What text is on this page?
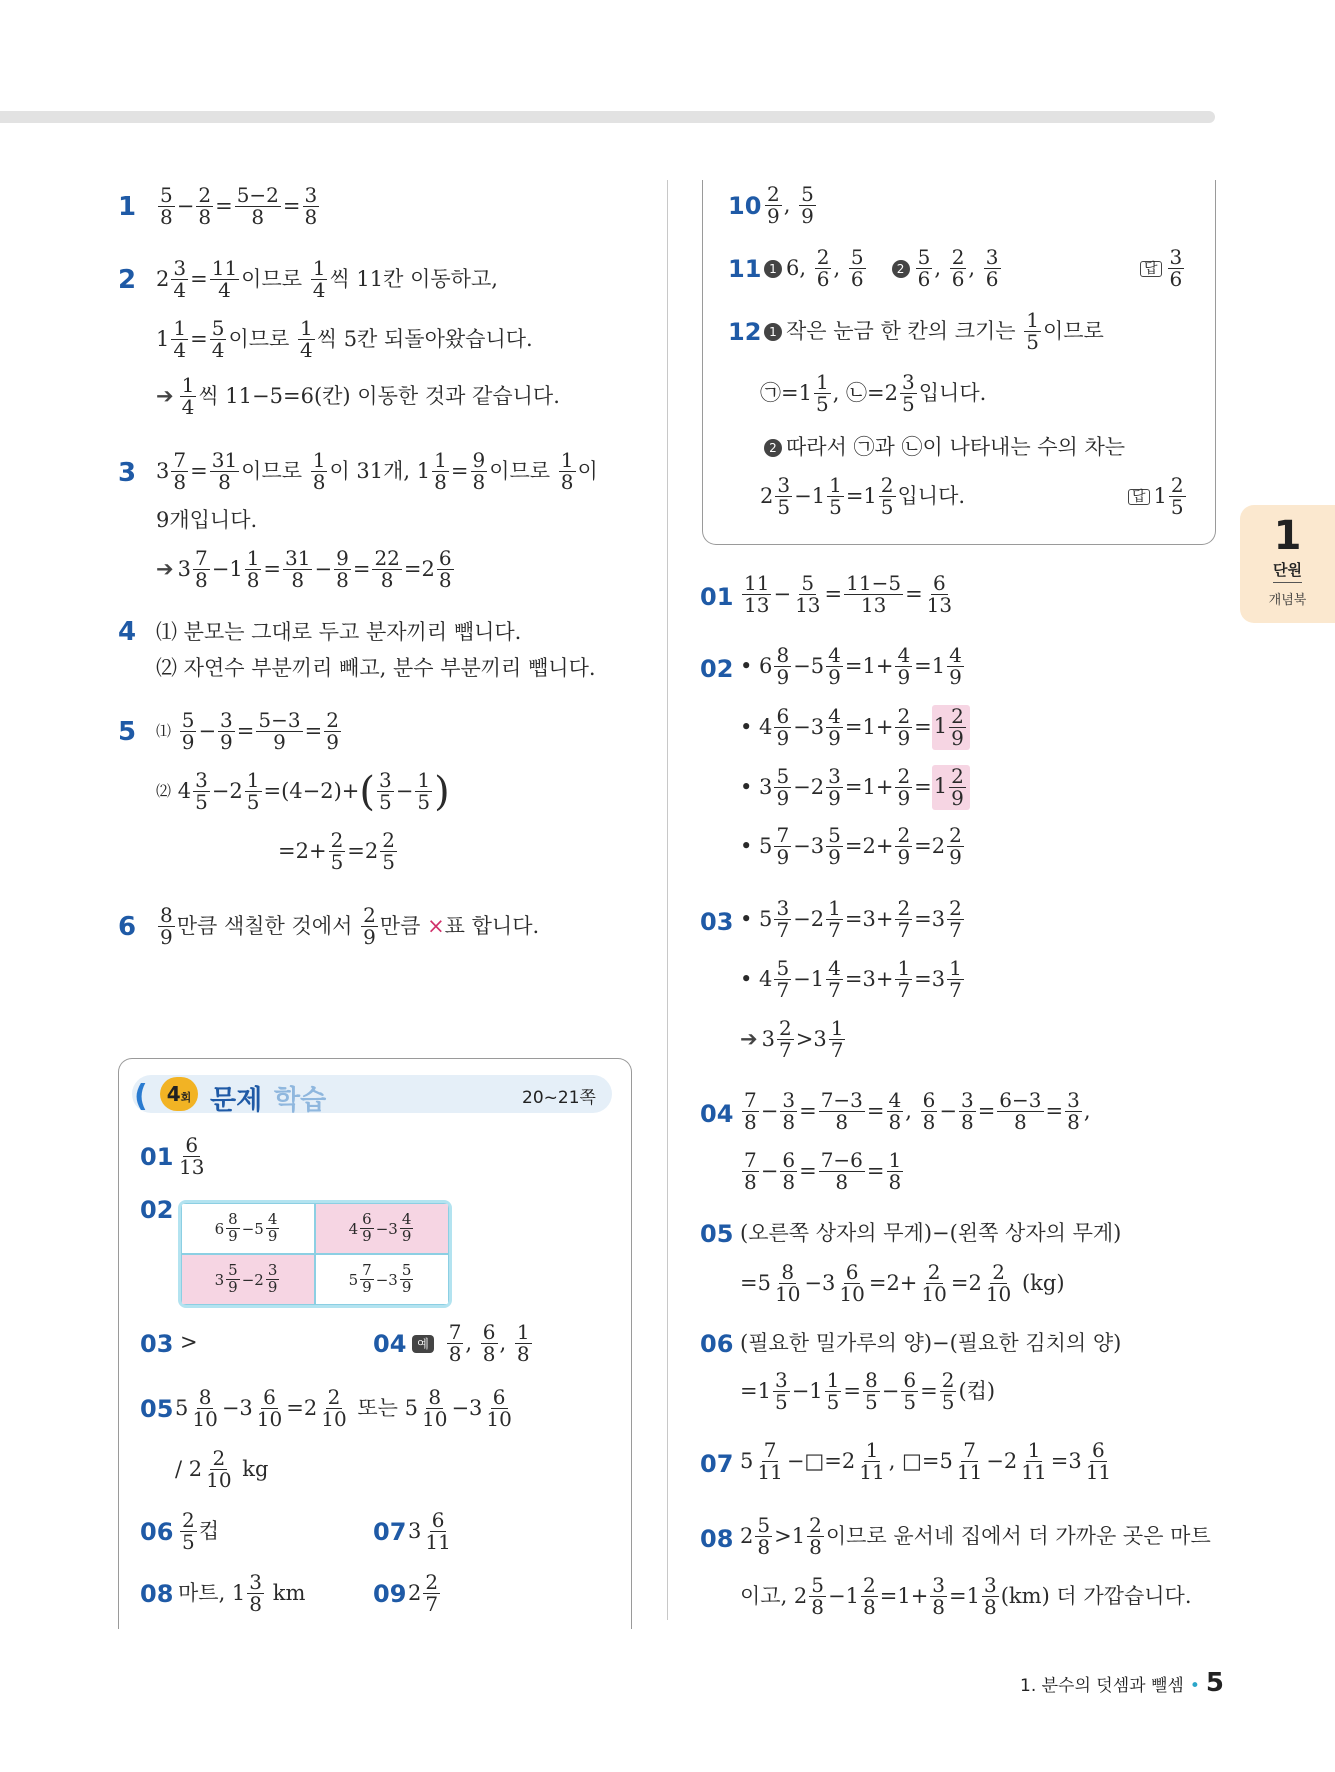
$1 \frac{5}{8} - \frac{2}{8} = \frac{5-2}{8} = \frac{3}{8}$
2 $2 \frac{3}{4} = \frac{11}{4}$ 이므로
$\frac{1}{4}$ 씩 11칸 이동하고,
$1 \frac{1}{4} = \frac{5}{4}$ 이므로
$\frac{1}{4}$ 씩 5칸 되돌아왔습니다.
➔ $\frac{1}{4}$ 씩 11−5=6(칸) 이동한 것과 같습니다.
3 $3 \frac{7}{8} = \frac{31}{8}$ 이므로
$\frac{1}{8}$ 이 31개, $1 \frac{1}{8} = \frac{9}{8}$ 이므로
$\frac{1}{8}$ 이
9개입니다.
➔ $3 \frac{7}{8} -1 \frac{1}{8} = \frac{31}{8} - \frac{9}{8} = \frac{22}{8} =2 \frac{6}{8}$
4 ⑴ 분모는 그대로 두고 분자끼리 뺍니다.
⑵ 자연수 부분끼리 빼고, 분수 부분끼리 뺍니다.
5 ⑴
$\frac{5}{9} - \frac{3}{9} = \frac{5-3}{9} = \frac{2}{9}$
⑵ $4 \frac{3}{5} -2 \frac{1}{5} =(4-2)+$ ( $\frac{3}{5} - \frac{1}{5}$ )
$=2+ \frac{2}{5} =2 \frac{2}{5}$
$6 \frac{8}{9}$ 만큼 색칠한 것에서
$\frac{2}{9}$ 만큼
× 표 합니다.
( 4회 문제 학습	20~21쪽
$01 \frac{6}{13}$
02
$6 \frac{8}{9} -5 \frac{4}{9}$	$4 \frac{6}{9} -3 \frac{4}{9}$
$3 \frac{5}{9} -2 \frac{3}{9}$	$5 \frac{7}{9} -3 \frac{5}{9}$
03 >	04 예
$\frac{7}{8}$ , $\frac{6}{8}$ , $\frac{1}{8}$
05 $5 \frac{8}{10} -3 \frac{6}{10} =2 \frac{2}{10}$
또는 $5 \frac{8}{10} -3 \frac{6}{10}$
/ $2 \frac{2}{10}$
kg
$06 \frac{2}{5}$ 컵	07 $3 \frac{6}{11}$
08 마트, $1 \frac{3}{8}$
km	09 $2 \frac{2}{7}$
$10 \frac{2}{9}$ , $\frac{5}{9}$
11 1 6,
$\frac{2}{6}$ , $\frac{5}{6}$
	$2 \frac{5}{6}$ , $\frac{2}{6}$ , $\frac{3}{6}$	답 $\frac{3}{6}$
12 1 작은 눈금 한 칸의 크기는
$\frac{1}{5}$ 이므로
㉠=1 $\frac{1}{5}$ , ㉡=2 $\frac{3}{5}$ 입니다.
2 따라서 ㉠과 ㉡이 나타내는 수의 차는
$2 \frac{3}{5} -1 \frac{1}{5} =1 \frac{2}{5}$ 입니다.	답 $1 \frac{2}{5}$
1
단원
개념북
$01 \frac{11}{13} - \frac{5}{13} = \frac{11-5}{13} = \frac{6}{13}$
02 • $6 \frac{8}{9} -5 \frac{4}{9} =1+ \frac{4}{9} =1 \frac{4}{9}$
• $4 \frac{6}{9} -3 \frac{4}{9} =1+ \frac{2}{9} = 1 \frac{2}{9}$
• $3 \frac{5}{9} -2 \frac{3}{9} =1+ \frac{2}{9} = 1 \frac{2}{9}$
• $5 \frac{7}{9} -3 \frac{5}{9} =2+ \frac{2}{9} =2 \frac{2}{9}$
03 • $5 \frac{3}{7} -2 \frac{1}{7} =3+ \frac{2}{7} =3 \frac{2}{7}$
• $4 \frac{5}{7} -1 \frac{4}{7} =3+ \frac{1}{7} =3 \frac{1}{7}$
➔ $3 \frac{2}{7} >3 \frac{1}{7}$
$04 \frac{7}{8} - \frac{3}{8} = \frac{7-3}{8} = \frac{4}{8}$ , $\frac{6}{8} - \frac{3}{8} = \frac{6-3}{8} = \frac{3}{8}$ ,
$\frac{7}{8} - \frac{6}{8} = \frac{7-6}{8} = \frac{1}{8}$
05 (오른쪽 상자의 무게)−(왼쪽 상자의 무게)
$=5 \frac{8}{10} -3 \frac{6}{10} =2+ \frac{2}{10} =2 \frac{2}{10}$
(kg)
06 (필요한 밀가루의 양)−(필요한 김치의 양)
$=1 \frac{3}{5} -1 \frac{1}{5} = \frac{8}{5} - \frac{6}{5} = \frac{2}{5}$ (컵)
07 $5 \frac{7}{11}$ −□=2 $\frac{1}{11}$ , □=5 $\frac{7}{11} -2 \frac{1}{11} =3 \frac{6}{11}$
08 $2 \frac{5}{8} >1 \frac{2}{8}$ 이므로 윤서네 집에서 더 가까운 곳은 마트
이고, $2 \frac{5}{8} -1 \frac{2}{8} =1+ \frac{3}{8} =1 \frac{3}{8} (km)$ 더 가깝습니다.
1. 분수의 덧셈과 뺄셈 • 5
